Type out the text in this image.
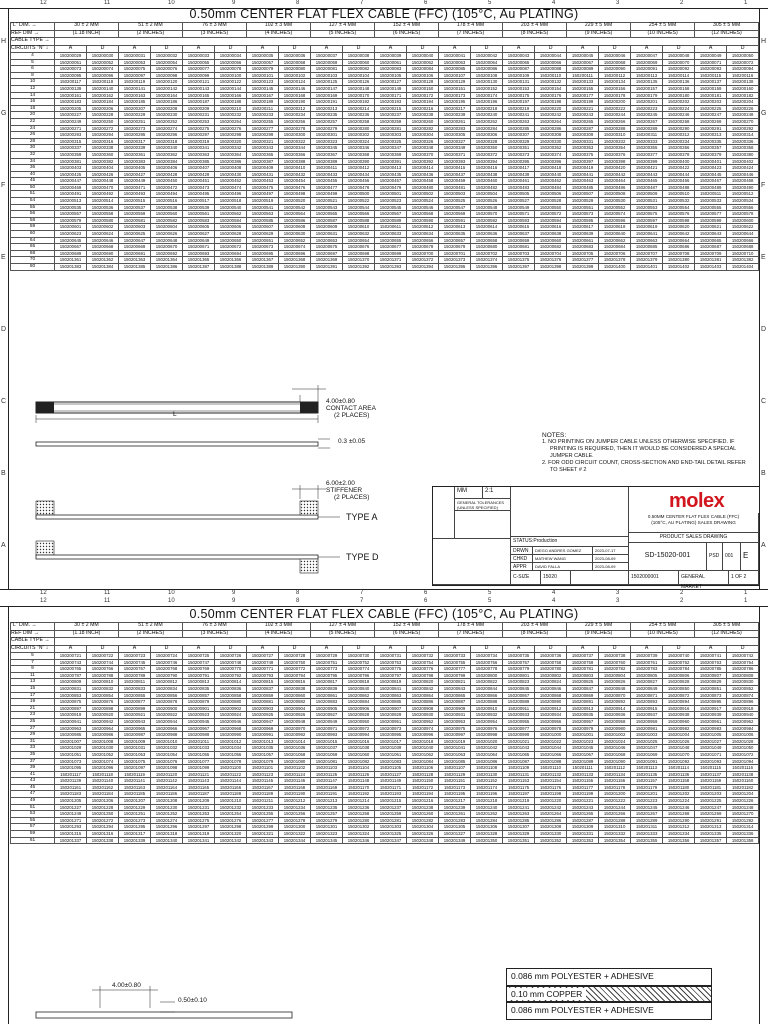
12	11	10	9	8	7	6	5	4	3	2	1
12	11	10	9	8	7	6	5	4	3	2	1
H
G
F
E
D
C
B
A
H
G
F
E
D
C
B
A
0.50mm CENTER FLAT FLEX CABLE (FFC) (105°C, Au PLATING)
"L" DIM. →	30 ± 2 MM		51 ± 2 MM		76 ± 3 MM		102 ± 3 MM		127 ± 4 MM		152 ± 4 MM		178 ± 4 MM		203 ± 4 MM		229 ± 5 MM		254 ± 5 MM		305 ± 5 MM	
REF DIM →	(1.18 INCH)		(2 INCHES)		(3 INCHES)		(4 INCHES)		(5 INCHES)		(6 INCHES)		(7 INCHES)		(8 INCHES)		(9 INCHES)		(10 INCHES)		(12 INCHES)	
CABLE TYPE →																						
CIRCUITS "N" ↓	A	D	A	D	A	D	A	D	A	D	A	D	A	D	A	D	A	D	A	D	A	D
4	150200029	150200030	150200031	150200032	150200033	150200034	150200035	150200036	150200037	150200038	150200039	150200040	150200041	150200042	150200043	150200044	150200045	150200046	150200047	150200048	150200049	150200050
5	150200051	150200052	150200053	150200054	150200055	150200056	150200057	150200058	150200059	150200060	150200061	150200062	150200063	150200064	150200065	150200066	150200067	150200068	150200069	150200070	150200071	150200072
6	150200073	150200074	150200075	150200076	150200077	150200078	150200079	150200080	150200081	150200082	150200083	150200084	150200085	150200086	150200087	150200088	150200089	150200090	150200091	150200092	150200093	150200094
8	150200095	150200096	150200097	150200098	150200099	150200100	150200101	150200102	150200103	150200104	150200105	150200106	150200107	150200108	150200109	150200110	150200111	150200112	150200113	150200114	150200115	150200116
10	150200117	150200118	150200119	150200120	150200121	150200122	150200123	150200124	150200125	150200126	150200127	150200128	150200129	150200130	150200131	150200132	150200133	150200134	150200135	150200136	150200137	150200138
12	150200139	150200140	150200141	150200142	150200143	150200144	150200145	150200146	150200147	150200148	150200149	150200150	150200151	150200152	150200153	150200154	150200155	150200156	150200157	150200158	150200159	150200160
14	150200161	150200162	150200163	150200164	150200165	150200166	150200167	150200168	150200169	150200170	150200171	150200172	150200173	150200174	150200175	150200176	150200177	150200178	150200179	150200180	150200181	150200182
16	150200183	150200184	150200185	150200186	150200187	150200188	150200189	150200190	150200191	150200192	150200193	150200194	150200195	150200196	150200197	150200198	150200199	150200200	150200201	150200202	150200203	150200204
18	150200205	150200206	150200207	150200208	150200209	150200210	150200211	150200212	150200213	150200214	150200215	150200216	150200217	150200218	150200219	150200220	150200221	150200222	150200223	150200224	150200225	150200226
20	150200227	150200228	150200229	150200230	150200231	150200232	150200233	150200234	150200235	150200236	150200237	150200238	150200239	150200240	150200241	150200242	150200243	150200244	150200245	150200246	150200247	150200248
22	150200249	150200250	150200251	150200252	150200253	150200254	150200255	150200256	150200257	150200258	150200259	150200260	150200261	150200262	150200263	150200264	150200265	150200266	150200267	150200268	150200269	150200270
24	150200271	150200272	150200273	150200274	150200275	150200276	150200277	150200278	150200279	150200280	150200281	150200282	150200283	150200284	150200285	150200286	150200287	150200288	150200289	150200290	150200291	150200292
26	150200293	150200294	150200295	150200296	150200297	150200298	150200299	150200300	150200301	150200302	150200303	150200304	150200305	150200306	150200307	150200308	150200309	150200310	150200311	150200312	150200313	150200314
28	150200315	150200316	150200317	150200318	150200319	150200320	150200321	150200322	150200323	150200324	150200325	150200326	150200327	150200328	150200329	150200330	150200331	150200332	150200333	150200334	150200335	150200336
30	150200337	150200338	150200339	150200340	150200341	150200342	150200343	150200344	150200345	150200346	150200347	150200348	150200349	150200350	150200351	150200352	150200353	150200354	150200355	150200356	150200357	150200358
32	150200359	150200360	150200361	150200362	150200363	150200364	150200365	150200366	150200367	150200368	150200369	150200370	150200371	150200372	150200373	150200374	150200375	150200376	150200377	150200378	150200379	150200380
34	150200381	150200382	150200383	150200384	150200385	150200386	150200387	150200388	150200389	150200390	150200391	150200392	150200393	150200394	150200395	150200396	150200397	150200398	150200399	150200400	150200401	150200402
36	150200403	150200404	150200405	150200406	150200407	150200408	150200409	150200410	150200411	150200412	150200413	150200414	150200415	150200416	150200417	150200418	150200419	150200420	150200421	150200422	150200423	150200424
40	150200425	150200426	150200427	150200428	150200429	150200430	150200431	150200432	150200433	150200434	150200435	150200436	150200437	150200438	150200439	150200440	150200441	150200442	150200443	150200444	150200445	150200446
45	150200447	150200448	150200449	150200450	150200451	150200452	150200453	150200454	150200455	150200456	150200457	150200458	150200459	150200460	150200461	150200462	150200463	150200464	150200465	150200466	150200467	150200468
50	150200469	150200470	150200471	150200472	150200473	150200474	150200475	150200476	150200477	150200478	150200479	150200480	150200481	150200482	150200483	150200484	150200485	150200486	150200487	150200488	150200489	150200490
51	150200491	150200492	150200493	150200494	150200495	150200496	150200497	150200498	150200499	150200500	150200501	150200502	150200503	150200504	150200505	150200506	150200507	150200508	150200509	150200510	150200511	150200512
54	150200513	150200514	150200515	150200516	150200517	150200518	150200519	150200520	150200521	150200522	150200523	150200524	150200525	150200526	150200527	150200528	150200529	150200530	150200531	150200532	150200533	150200534
55	150200535	150200536	150200537	150200538	150200539	150200540	150200541	150200542	150200543	150200544	150200545	150200546	150200547	150200548	150200549	150200550	150200551	150200552	150200553	150200554	150200555	150200556
56	150200557	150200558	150200559	150200560	150200561	150200562	150200563	150200564	150200565	150200566	150200567	150200568	150200569	150200570	150200571	150200572	150200573	150200574	150200575	150200576	150200577	150200578
58	150200579	150200580	150200581	150200582	150200583	150200584	150200585	150200586	150200587	150200588	150200589	150200590	150200591	150200592	150200593	150200594	150200595	150200596	150200597	150200598	150200599	150200600
59	150200601	150200602	150200603	150200604	150200605	150200606	150200607	150200608	150200609	150200610	150200611	150200612	150200613	150200614	150200615	150200616	150200617	150200618	150200619	150200620	150200621	150200622
60	150200623	150200624	150200625	150200626	150200627	150200628	150200629	150200630	150200631	150200632	150200633	150200634	150200635	150200636	150200637	150200638	150200639	150200640	150200641	150200642	150200643	150200644
64	150200645	150200646	150200647	150200648	150200649	150200650	150200651	150200652	150200653	150200654	150200655	150200656	150200657	150200658	150200659	150200660	150200661	150200662	150200663	150200664	150200665	150200666
65	150200667	150200668	150200669	150200670	150200671	150200672	150200673	150200674	150200675	150200676	150200677	150200678	150200679	150200680	150200681	150200682	150200683	150200684	150200685	150200686	150200687	150200688
68	150200689	150200690	150200691	150200692	150200693	150200694	150200695	150200696	150200697	150200698	150200699	150200700	150200701	150200702	150200703	150200704	150200705	150200706	150200707	150200708	150200709	150200710
70	150201361	150201362	150201363	150201364	150201365	150201366	150201367	150201368	150201369	150201370	150201371	150201372	150201373	150201374	150201375	150201376	150201377	150201378	150201379	150201380	150201381	150201382
80	150201383	150201384	150201385	150201386	150201387	150201388	150201389	150201390	150201391	150201392	150201393	150201394	150201395	150201396	150201397	150201398	150201399	150201400	150201401	150201402	150201403	150201404
4.00±0.80
CONTACT AREA
(2 PLACES)
L
0.3 ±0.05
6.00±2.00
STIFFENER
(2 PLACES)
TYPE A
TYPE D
NOTES:
1. NO PRINTING ON JUMPER CABLE UNLESS OTHERWISE SPECIFIED. IF
PRINTING IS REQUIRED, THEN IT WOULD BE CONSIDERED A SPECIAL
JUMPER CABLE.
2. FOR ODD CIRCUIT COUNT, CROSS-SECTION AND END-TAIL DETAIL REFER
TO SHEET # 2
MM	2:1
GENERAL TOLERANCES (UNLESS SPECIFIED)
STATUS:Production
DRWN	DIEGO ANDRES GOMEZ	2023-07-17
CHKD	MATHEW WANG	2023-08-09
APPR	DAVID FALLA	2023-08-09
molex
0.50MM CENTER FLAT FLEX CABLE (FFC)
(105°C, AU PLATING) SALES DRAWING
PRODUCT SALES DRAWING
SD-15020-001	PSD	001	E
C-SIZE	15020	1502000001	GENERAL MARKET
1 OF 2
12	11	10	9	8	7	6	5	4	3	2	1
0.50mm CENTER FLAT FLEX CABLE (FFC) (105°C, Au PLATING)
"L" DIM. →	30 ± 2 MM		51 ± 2 MM		76 ± 3 MM		102 ± 3 MM		127 ± 4 MM		152 ± 4 MM		178 ± 4 MM		203 ± 4 MM		229 ± 5 MM		254 ± 5 MM		305 ± 5 MM	
REF DIM →	(1.18 INCH)		(2 INCHES)		(3 INCHES)		(4 INCHES)		(5 INCHES)		(6 INCHES)		(7 INCHES)		(8 INCHES)		(9 INCHES)		(10 INCHES)		(12 INCHES)	
CABLE TYPE →																						
CIRCUITS "N" ↓	A	D	A	D	A	D	A	D	A	D	A	D	A	D	A	D	A	D	A	D	A	D
5	150200721	150200722	150200723	150200724	150200725	150200726	150200727	150200728	150200729	150200730	150200731	150200732	150200733	150200734	150200735	150200736	150200737	150200738	150200739	150200740	150200741	150200742
7	150200743	150200744	150200745	150200746	150200747	150200748	150200749	150200750	150200751	150200752	150200753	150200754	150200755	150200756	150200757	150200758	150200759	150200760	150200761	150200762	150200763	150200764
9	150200765	150200766	150200767	150200768	150200769	150200770	150200771	150200772	150200773	150200774	150200775	150200776	150200777	150200778	150200779	150200780	150200781	150200782	150200783	150200784	150200785	150200786
11	150200787	150200788	150200789	150200790	150200791	150200792	150200793	150200794	150200795	150200796	150200797	150200798	150200799	150200800	150200801	150200802	150200803	150200804	150200805	150200806	150200807	150200808
13	150200809	150200810	150200811	150200812	150200813	150200814	150200815	150200816	150200817	150200818	150200819	150200820	150200821	150200822	150200823	150200824	150200825	150200826	150200827	150200828	150200829	150200830
15	150200831	150200832	150200833	150200834	150200835	150200836	150200837	150200838	150200839	150200840	150200841	150200842	150200843	150200844	150200845	150200846	150200847	150200848	150200849	150200850	150200851	150200852
17	150200853	150200854	150200855	150200856	150200857	150200858	150200859	150200860	150200861	150200862	150200863	150200864	150200865	150200866	150200867	150200868	150200869	150200870	150200871	150200872	150200873	150200874
19	150200875	150200876	150200877	150200878	150200879	150200880	150200881	150200882	150200883	150200884	150200885	150200886	150200887	150200888	150200889	150200890	150200891	150200892	150200893	150200894	150200895	150200896
21	150200897	150200898	150200899	150200900	150200901	150200902	150200903	150200904	150200905	150200906	150200907	150200908	150200909	150200910	150200911	150200912	150200913	150200914	150200915	150200916	150200917	150200918
23	150200919	150200920	150200921	150200922	150200923	150200924	150200925	150200926	150200927	150200928	150200929	150200930	150200931	150200932	150200933	150200934	150200935	150200936	150200937	150200938	150200939	150200940
25	150200941	150200942	150200943	150200944	150200945	150200946	150200947	150200948	150200949	150200950	150200951	150200952	150200953	150200954	150200955	150200956	150200957	150200958	150200959	150200960	150200961	150200962
27	150200963	150200964	150200965	150200966	150200967	150200968	150200969	150200970	150200971	150200972	150200973	150200974	150200975	150200976	150200977	150200978	150200979	150200980	150200981	150200982	150200983	150200984
29	150200985	150200986	150200987	150200988	150200989	150200990	150200991	150200992	150200993	150200994	150200995	150200996	150200997	150200998	150200999	150201000	150201001	150201002	150201003	150201004	150201005	150201006
31	150201007	150201008	150201009	150201010	150201011	150201012	150201013	150201014	150201015	150201016	150201017	150201018	150201019	150201020	150201021	150201022	150201023	150201024	150201025	150201026	150201027	150201028
33	150201029	150201030	150201031	150201032	150201033	150201034	150201035	150201036	150201037	150201038	150201039	150201040	150201041	150201042	150201043	150201044	150201045	150201046	150201047	150201048	150201049	150201050
35	150201051	150201052	150201053	150201054	150201055	150201056	150201057	150201058	150201059	150201060	150201061	150201062	150201063	150201064	150201065	150201066	150201067	150201068	150201069	150201070	150201071	150201072
37	150201073	150201074	150201075	150201076	150201077	150201078	150201079	150201080	150201081	150201082	150201083	150201084	150201085	150201086	150201087	150201088	150201089	150201090	150201091	150201092	150201093	150201094
39	150201095	150201096	150201097	150201098	150201099	150201100	150201101	150201102	150201103	150201104	150201105	150201106	150201107	150201108	150201109	150201110	150201111	150201112	150201113	150201114	150201115	150201116
41	150201117	150201118	150201119	150201120	150201121	150201122	150201123	150201124	150201125	150201126	150201127	150201128	150201129	150201130	150201131	150201132	150201133	150201134	150201135	150201136	150201137	150201138
43	150201139	150201140	150201141	150201142	150201143	150201144	150201145	150201146	150201147	150201148	150201149	150201150	150201151	150201152	150201153	150201154	150201155	150201156	150201157	150201158	150201159	150201160
45	150201161	150201162	150201163	150201164	150201165	150201166	150201167	150201168	150201169	150201170	150201171	150201172	150201173	150201174	150201175	150201176	150201177	150201178	150201179	150201180	150201181	150201182
47	150201183	150201184	150201185	150201186	150201187	150201188	150201189	150201190	150201191	150201192	150201193	150201194	150201195	150201196	150201197	150201198	150201199	150201200	150201201	150201202	150201203	150201204
49	150201205	150201206	150201207	150201208	150201209	150201210	150201211	150201212	150201213	150201214	150201215	150201216	150201217	150201218	150201219	150201220	150201221	150201222	150201223	150201224	150201225	150201226
51	150201227	150201228	150201229	150201230	150201231	150201232	150201233	150201234	150201235	150201236	150201237	150201238	150201239	150201240	150201241	150201242	150201243	150201244	150201245	150201246	150201247	150201248
53	150201249	150201250	150201251	150201252	150201253	150201254	150201255	150201256	150201257	150201258	150201259	150201260	150201261	150201262	150201263	150201264	150201265	150201266	150201267	150201268	150201269	150201270
55	150201271	150201272	150201273	150201274	150201275	150201276	150201277	150201278	150201279	150201280	150201281	150201282	150201283	150201284	150201285	150201286	150201287	150201288	150201289	150201290	150201291	150201292
57	150201293	150201294	150201295	150201296	150201297	150201298	150201299	150201300	150201301	150201302	150201303	150201304	150201305	150201306	150201307	150201308	150201309	150201310	150201311	150201312	150201313	150201314
59	150201315	150201316	150201317	150201318	150201319	150201320	150201321	150201322	150201323	150201324	150201325	150201326	150201327	150201328	150201329	150201330	150201331	150201332	150201333	150201334	150201335	150201336
61	150201337	150201338	150201339	150201340	150201341	150201342	150201343	150201344	150201345	150201346	150201347	150201348	150201349	150201350	150201351	150201352	150201353	150201354	150201355	150201356	150201357	150201358
4.00±0.80
0.50±0.10
0.086 mm POLYESTER + ADHESIVE
0.10 mm COPPER
0.086 mm POLYESTER + ADHESIVE
